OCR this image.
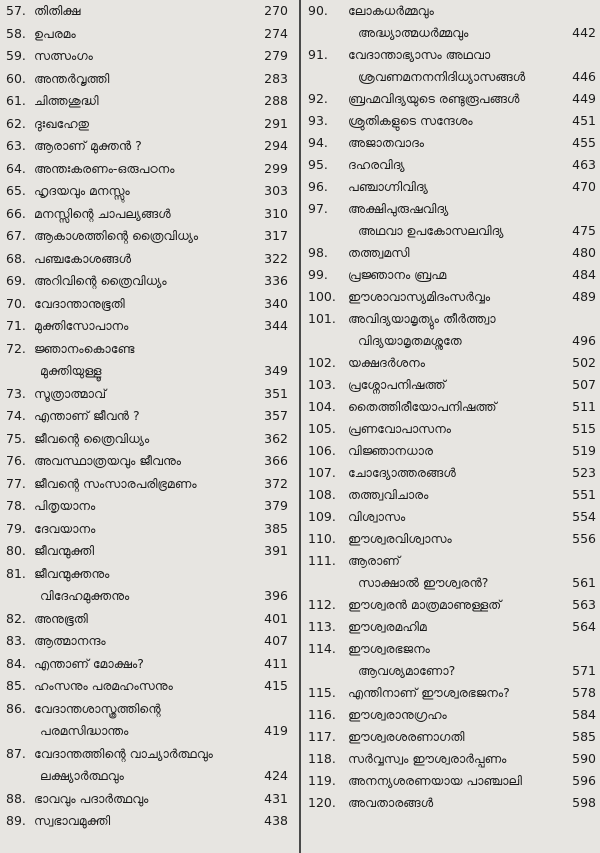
57. തിതിക്ഷ	270
58. ഉപരമം	274
59. സത്സംഗം	279
60. അന്തർവൃത്തി	283
61. ചിത്തശുദ്ധി	288
62. ദുഃഖഹേതു	291
63. ആരാണ് മുക്തൻ ?	294
64. അന്തഃകരണം-ഒരുപഠനം	299
65. ഹൃദയവും മനസ്സും	303
66. മനസ്സിന്റെ ചാപല്യങ്ങൾ	310
67. ആകാശത്തിന്റെ ത്രൈവിധ്യം	317
68. പഞ്ചകോശങ്ങൾ	322
69. അറിവിന്റെ ത്രൈവിധ്യം	336
70. വേദാന്താനുഭൂതി	340
71. മുക്തിസോപാനം	344
72. ജ്ഞാനംകൊണ്ടേ
മുക്തിയുള്ളൂ	349
73. സൂത്രാത്മാവ്	351
74. എന്താണ് ജീവൻ ?	357
75. ജീവന്റെ ത്രൈവിധ്യം	362
76. അവസ്ഥാത്രയവും ജീവനും	366
77. ജീവന്റെ സംസാരപരിഭ്രമണം	372
78. പിതൃയാനം	379
79. ദേവയാനം	385
80. ജീവന്മുക്തി	391
81. ജീവന്മുക്തനും
വിദേഹമുക്തനും	396
82. അനുഭൂതി	401
83. ആത്മാനന്ദം	407
84. എന്താണ് മോക്ഷം?	411
85. ഹംസനും പരമഹംസനും	415
86. വേദാന്തശാസ്ത്രത്തിന്റെ
പരമസിദ്ധാന്തം	419
87. വേദാന്തത്തിന്റെ വാച്യാർത്ഥവും
ലക്ഷ്യാർത്ഥവും	424
88. ഭാവവും പദാർത്ഥവും	431
89. സ്വഭാവമുക്തി	438
90. ലോകധർമ്മവും
അദ്ധ്യാത്മധർമ്മവും	442
91. വേദാന്താഭ്യാസം അഥവാ
ശ്രവണമനനനിദിധ്യാസങ്ങൾ	446
92. ബ്രഹ്മവിദ്യയുടെ രണ്ടുരൂപങ്ങൾ	449
93. ശ്രുതികളുടെ സന്ദേശം	451
94. അജാതവാദം	455
95. ദഹരവിദ്യ	463
96. പഞ്ചാഗ്നിവിദ്യ	470
97. അക്ഷിപുരുഷവിദ്യ
അഥവാ ഉപകോസലവിദ്യ	475
98. തത്ത്വമസി	480
99. പ്രജ്ഞാനം ബ്രഹ്മ	484
100. ഈശാവാസ്യമിദംസർവ്വം	489
101. അവിദ്യയാമൃത്യും തീർത്ത്വാ
വിദ്യയാമൃതമശ്നുതേ	496
102. യക്ഷദർശനം	502
103. പ്രശ്നോപനിഷത്ത്	507
104. തൈത്തിരീയോപനിഷത്ത്	511
105. പ്രണവോപാസനം	515
106. വിജ്ഞാനധാര	519
107. ചോദ്യോത്തരങ്ങൾ	523
108. തത്ത്വവിചാരം	551
109. വിശ്വാസം	554
110. ഈശ്വരവിശ്വാസം	556
111. ആരാണ്
സാക്ഷാൽ ഈശ്വരൻ?	561
112. ഈശ്വരൻ മാത്രമാണുള്ളത്	563
113. ഈശ്വരമഹിമ	564
114. ഈശ്വരഭജനം
ആവശ്യമാണോ?	571
115. എന്തിനാണ് ഈശ്വരഭജനം?	578
116. ഈശ്വരാനുഗ്രഹം	584
117. ഈശ്വരശരണാഗതി	585
118. സർവ്വസ്വം ഈശ്വരാർപ്പണം	590
119. അനന്യശരണയായ പാഞ്ചാലി	596
120. അവതാരങ്ങൾ	598
